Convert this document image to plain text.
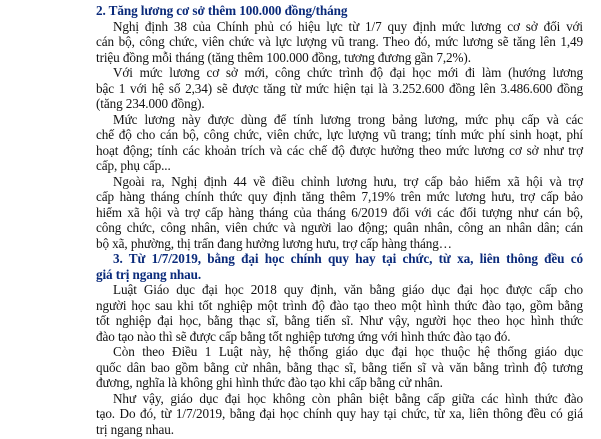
2. Tăng lương cơ sở thêm 100.000 đồng/tháng
Nghị định 38 của Chính phủ có hiệu lực từ 1/7 quy định mức lương cơ sở đối với
cán bộ, công chức, viên chức và lực lượng vũ trang. Theo đó, mức lương sẽ tăng lên 1,49
triệu đồng mỗi tháng (tăng thêm 100.000 đồng, tương đương gần 7,2%).
Với mức lương cơ sở mới, công chức trình độ đại học mới đi làm (hướng lương
bậc 1 với hệ số 2,34) sẽ được tăng từ mức hiện tại là 3.252.600 đồng lên 3.486.600 đồng
(tăng 234.000 đồng).
Mức lương này được dùng để tính lương trong bảng lương, mức phụ cấp và các
chế độ cho cán bộ, công chức, viên chức, lực lượng vũ trang; tính mức phí sinh hoạt, phí
hoạt động; tính các khoản trích và các chế độ được hưởng theo mức lương cơ sở như trợ
cấp, phụ cấp...
Ngoài ra, Nghị định 44 về điều chỉnh lương hưu, trợ cấp bảo hiểm xã hội và trợ
cấp hàng tháng chính thức quy định tăng thêm 7,19% trên mức lương hưu, trợ cấp bảo
hiểm xã hội và trợ cấp hàng tháng của tháng 6/2019 đối với các đối tượng như cán bộ,
công chức, công nhân, viên chức và người lao động; quân nhân, công an nhân dân; cán
bộ xã, phường, thị trấn đang hưởng lương hưu, trợ cấp hàng tháng…
3. Từ 1/7/2019, bằng đại học chính quy hay tại chức, từ xa, liên thông đều có
giá trị ngang nhau.
Luật Giáo dục đại học 2018 quy định, văn bằng giáo dục đại học được cấp cho
người học sau khi tốt nghiệp một trình độ đào tạo theo một hình thức đào tạo, gồm bằng
tốt nghiệp đại học, bằng thạc sĩ, bằng tiến sĩ. Như vậy, người học theo học hình thức
đào tạo nào thì sẽ được cấp bằng tốt nghiệp tương ứng với hình thức đào tạo đó.
Còn theo Điều 1 Luật này, hệ thống giáo dục đại học thuộc hệ thống giáo dục
quốc dân bao gồm bằng cử nhân, bằng thạc sĩ, bằng tiến sĩ và văn bằng trình độ tương
đương, nghĩa là không ghi hình thức đào tạo khi cấp bằng cử nhân.
Như vậy, giáo dục đại học không còn phân biệt bằng cấp giữa các hình thức đào
tạo. Do đó, từ 1/7/2019, bằng đại học chính quy hay tại chức, từ xa, liên thông đều có giá
trị ngang nhau.
